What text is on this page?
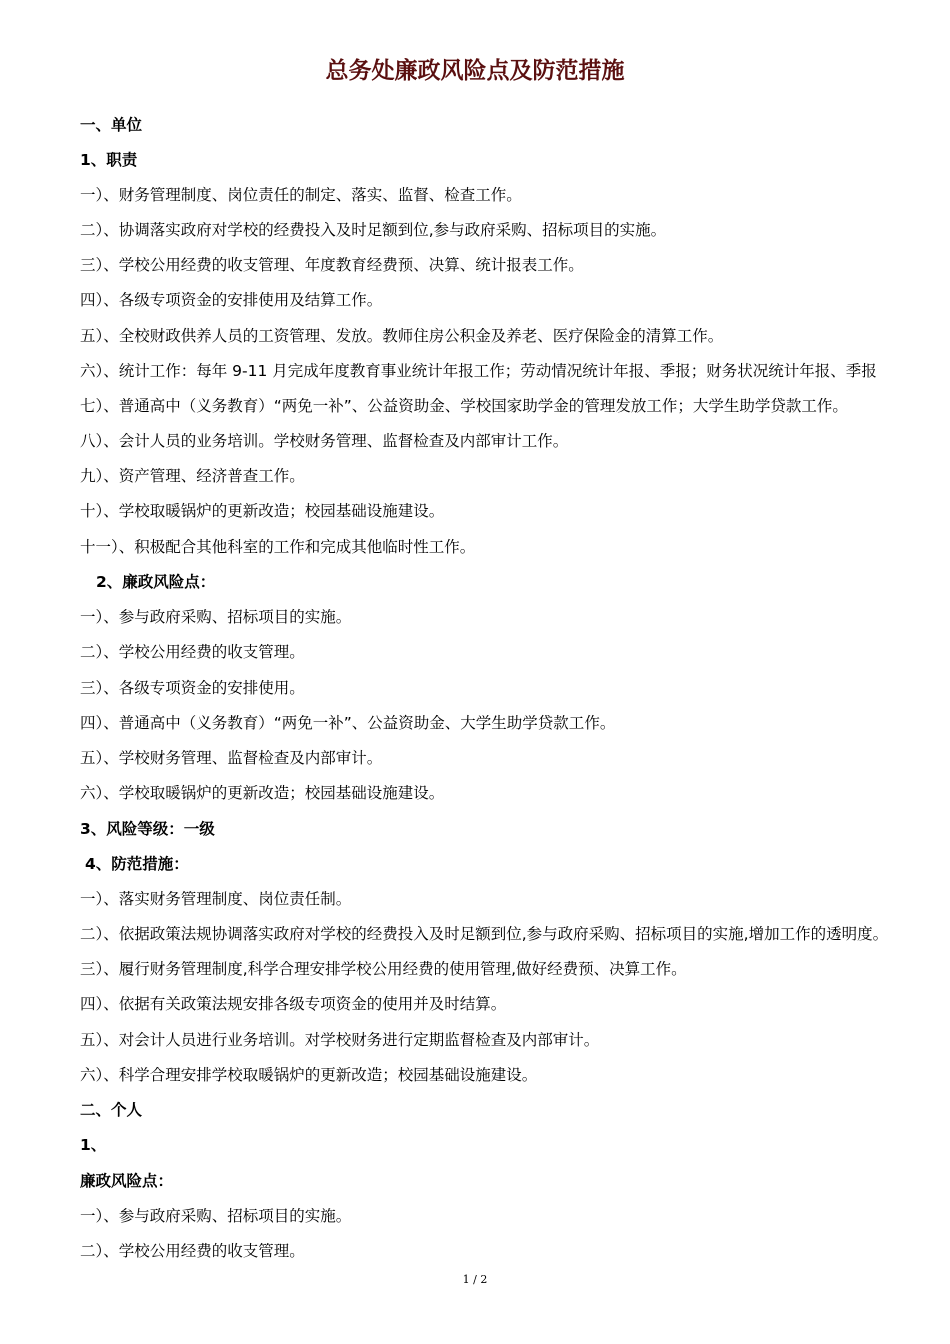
总务处廉政风险点及防范措施
一、单位
1、职责
一）、财务管理制度、岗位责任的制定、落实、监督、检查工作。
二）、协调落实政府对学校的经费投入及时足额到位,参与政府采购、招标项目的实施。
三）、学校公用经费的收支管理、年度教育经费预、决算、统计报表工作。
四）、各级专项资金的安排使用及结算工作。
五）、全校财政供养人员的工资管理、发放。教师住房公积金及养老、医疗保险金的清算工作。
六）、统计工作：每年 9-11 月完成年度教育事业统计年报工作；劳动情况统计年报、季报；财务状况统计年报、季报
七）、普通高中（义务教育）“两免一补”、公益资助金、学校国家助学金的管理发放工作；大学生助学贷款工作。
八）、会计人员的业务培训。学校财务管理、监督检查及内部审计工作。
九）、资产管理、经济普查工作。
十）、学校取暖锅炉的更新改造；校园基础设施建设。
十一）、积极配合其他科室的工作和完成其他临时性工作。
2、廉政风险点：
一）、参与政府采购、招标项目的实施。
二）、学校公用经费的收支管理。
三）、各级专项资金的安排使用。
四）、普通高中（义务教育）“两免一补”、公益资助金、大学生助学贷款工作。
五）、学校财务管理、监督检查及内部审计。
六）、学校取暖锅炉的更新改造；校园基础设施建设。
3、风险等级：一级
4、防范措施：
一）、落实财务管理制度、岗位责任制。
二）、依据政策法规协调落实政府对学校的经费投入及时足额到位,参与政府采购、招标项目的实施,增加工作的透明度。
三）、履行财务管理制度,科学合理安排学校公用经费的使用管理,做好经费预、决算工作。
四）、依据有关政策法规安排各级专项资金的使用并及时结算。
五）、对会计人员进行业务培训。对学校财务进行定期监督检查及内部审计。
六）、科学合理安排学校取暖锅炉的更新改造；校园基础设施建设。
二、个人
1、
廉政风险点：
一）、参与政府采购、招标项目的实施。
二）、学校公用经费的收支管理。
1 / 2
